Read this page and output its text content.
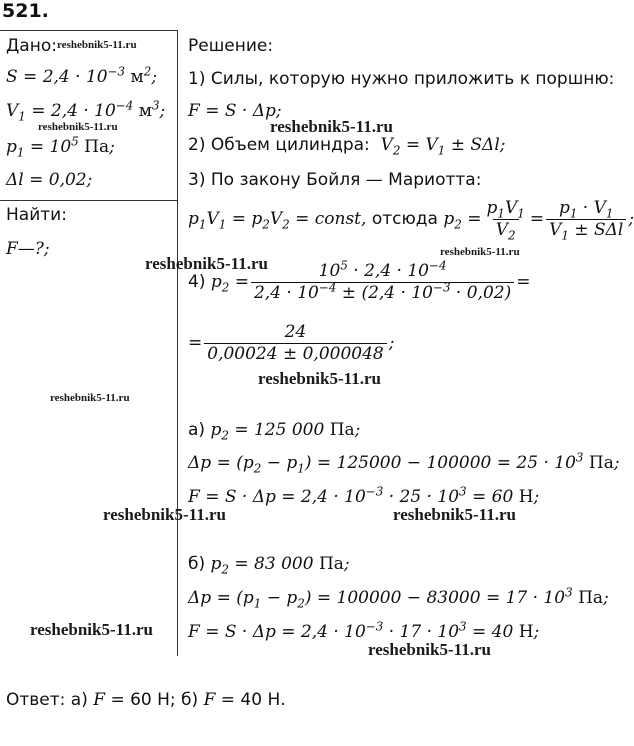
521.
Дано:
$S = 2,4 \cdot 10^{-3}$ $м^2$;
$V_1 = 2,4 \cdot 10^{-4}$ $м^3$;
$p_1 = 10^5$ Па;
Δl = 0,02;
Найти:
F—?;
Решение:
1) Силы, которую нужно приложить к поршню:
F = S · Δp;
2) Объем цилиндра:  $V_2 = V_1 \pm S\Delta l$;
3) По закону Бойля — Мариотта:
$p_1V_1 = p_2V_2$ = const, отсюда $p_2 = \frac{p_1V_1}{V_2} = \frac{p_1 \cdot V_1}{V_1 \pm S\Delta l}$ ;
4) $p_2 = \frac{10^5 \cdot 2,4 \cdot 10^{-4}}{2,4 \cdot 10^{-4} \pm (2,4 \cdot 10^{-3} \cdot 0,02)}$ =
= $\frac{24}{0,00024 \pm 0,000048}$ ;
а) $p_2 = 125$ 000 Па;
$\Delta p = (p_2 - p_1) = 125000 - 100000 = 25 \cdot 10^3$ Па;
$F = S \cdot \Delta p = 2,4 \cdot 10^{-3} \cdot 25 \cdot 10^3 = 60$ Н;
б) $p_2 = 83$ 000 Па;
$\Delta p = (p_1 - p_2) = 100000 - 83000 = 17 \cdot 10^3$ Па;
$F = S \cdot \Delta p = 2,4 \cdot 10^{-3} \cdot 17 \cdot 10^3 = 40$ Н;
Ответ: а) F = 60 Н; б) F = 40 Н.
reshebnik5-11.ru
reshebnik5-11.ru	reshebnik5-11.ru
reshebnik5-11.ru
reshebnik5-11.ru
reshebnik5-11.ru
reshebnik5-11.ru
reshebnik5-11.ru	reshebnik5-11.ru
reshebnik5-11.ru
reshebnik5-11.ru
